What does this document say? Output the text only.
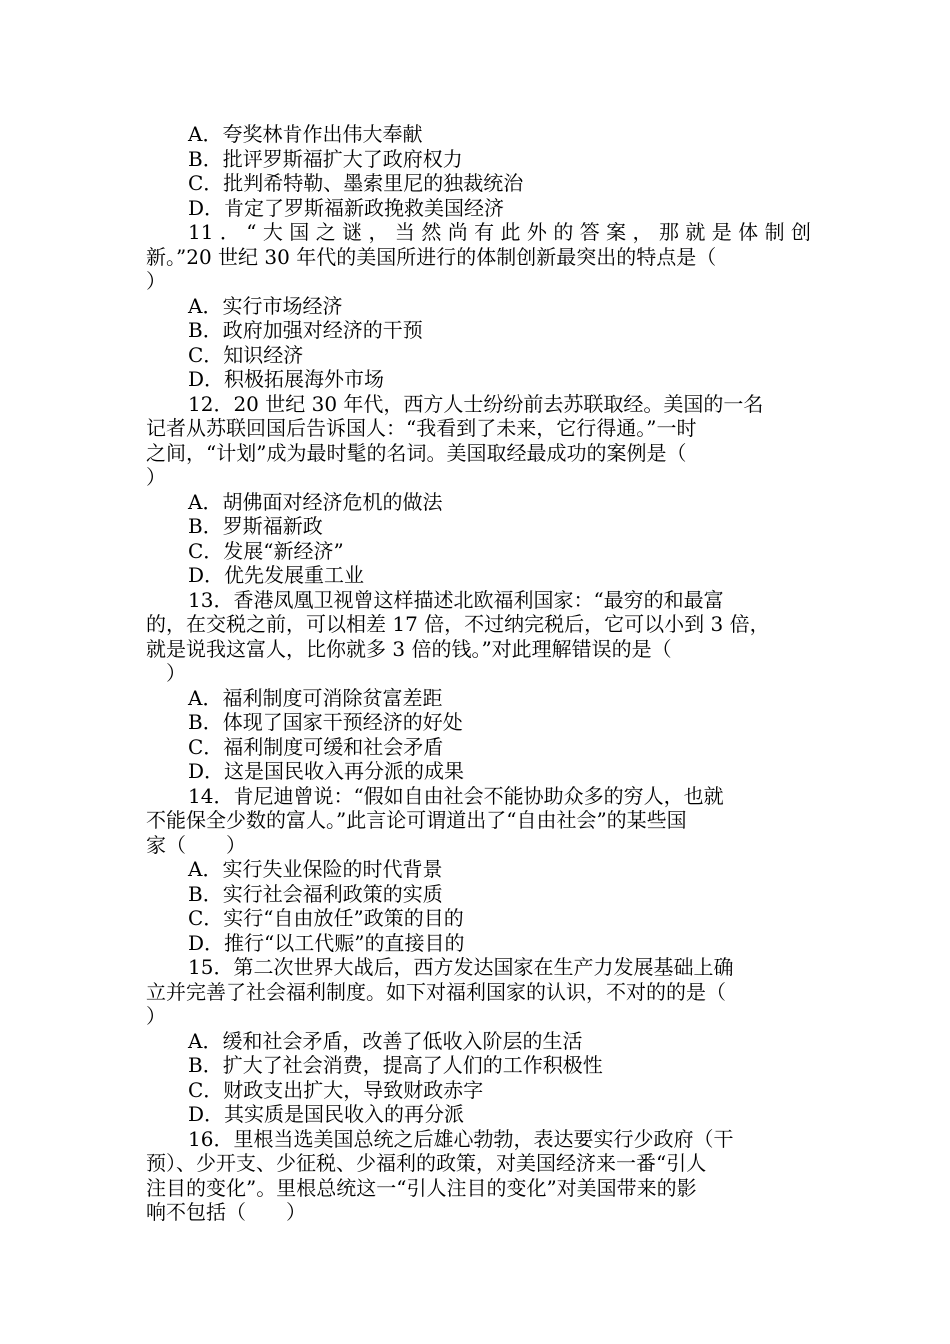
A．夸奖林肯作出伟大奉献
B．批评罗斯福扩大了政府权力
C．批判希特勒、墨索里尼的独裁统治
D．肯定了罗斯福新政挽救美国经济
11．“大国之谜，当然尚有此外的答案，那就是体制创
新。”20 世纪 30 年代的美国所进行的体制创新最突出的特点是（
）
A．实行市场经济
B．政府加强对经济的干预
C．知识经济
D．积极拓展海外市场
12．20 世纪 30 年代，西方人士纷纷前去苏联取经。美国的一名
记者从苏联回国后告诉国人：“我看到了未来，它行得通。”一时
之间，“计划”成为最时髦的名词。美国取经最成功的案例是（
）
A．胡佛面对经济危机的做法
B．罗斯福新政
C．发展“新经济”
D．优先发展重工业
13．香港凤凰卫视曾这样描述北欧福利国家：“最穷的和最富
的，在交税之前，可以相差 17 倍，不过纳完税后，它可以小到 3 倍，
就是说我这富人，比你就多 3 倍的钱。”对此理解错误的是（
　）
A．福利制度可消除贫富差距
B．体现了国家干预经济的好处
C．福利制度可缓和社会矛盾
D．这是国民收入再分派的成果
14．肯尼迪曾说：“假如自由社会不能协助众多的穷人，也就
不能保全少数的富人。”此言论可谓道出了“自由社会”的某些国
家（　　）
A．实行失业保险的时代背景
B．实行社会福利政策的实质
C．实行“自由放任”政策的目的
D．推行“以工代赈”的直接目的
15．第二次世界大战后，西方发达国家在生产力发展基础上确
立并完善了社会福利制度。如下对福利国家的认识，不对的的是（
）
A．缓和社会矛盾，改善了低收入阶层的生活
B．扩大了社会消费，提高了人们的工作积极性
C．财政支出扩大，导致财政赤字
D．其实质是国民收入的再分派
16．里根当选美国总统之后雄心勃勃，表达要实行少政府（干
预）、少开支、少征税、少福利的政策，对美国经济来一番“引人
注目的变化”。里根总统这一“引人注目的变化”对美国带来的影
响不包括（　　）
